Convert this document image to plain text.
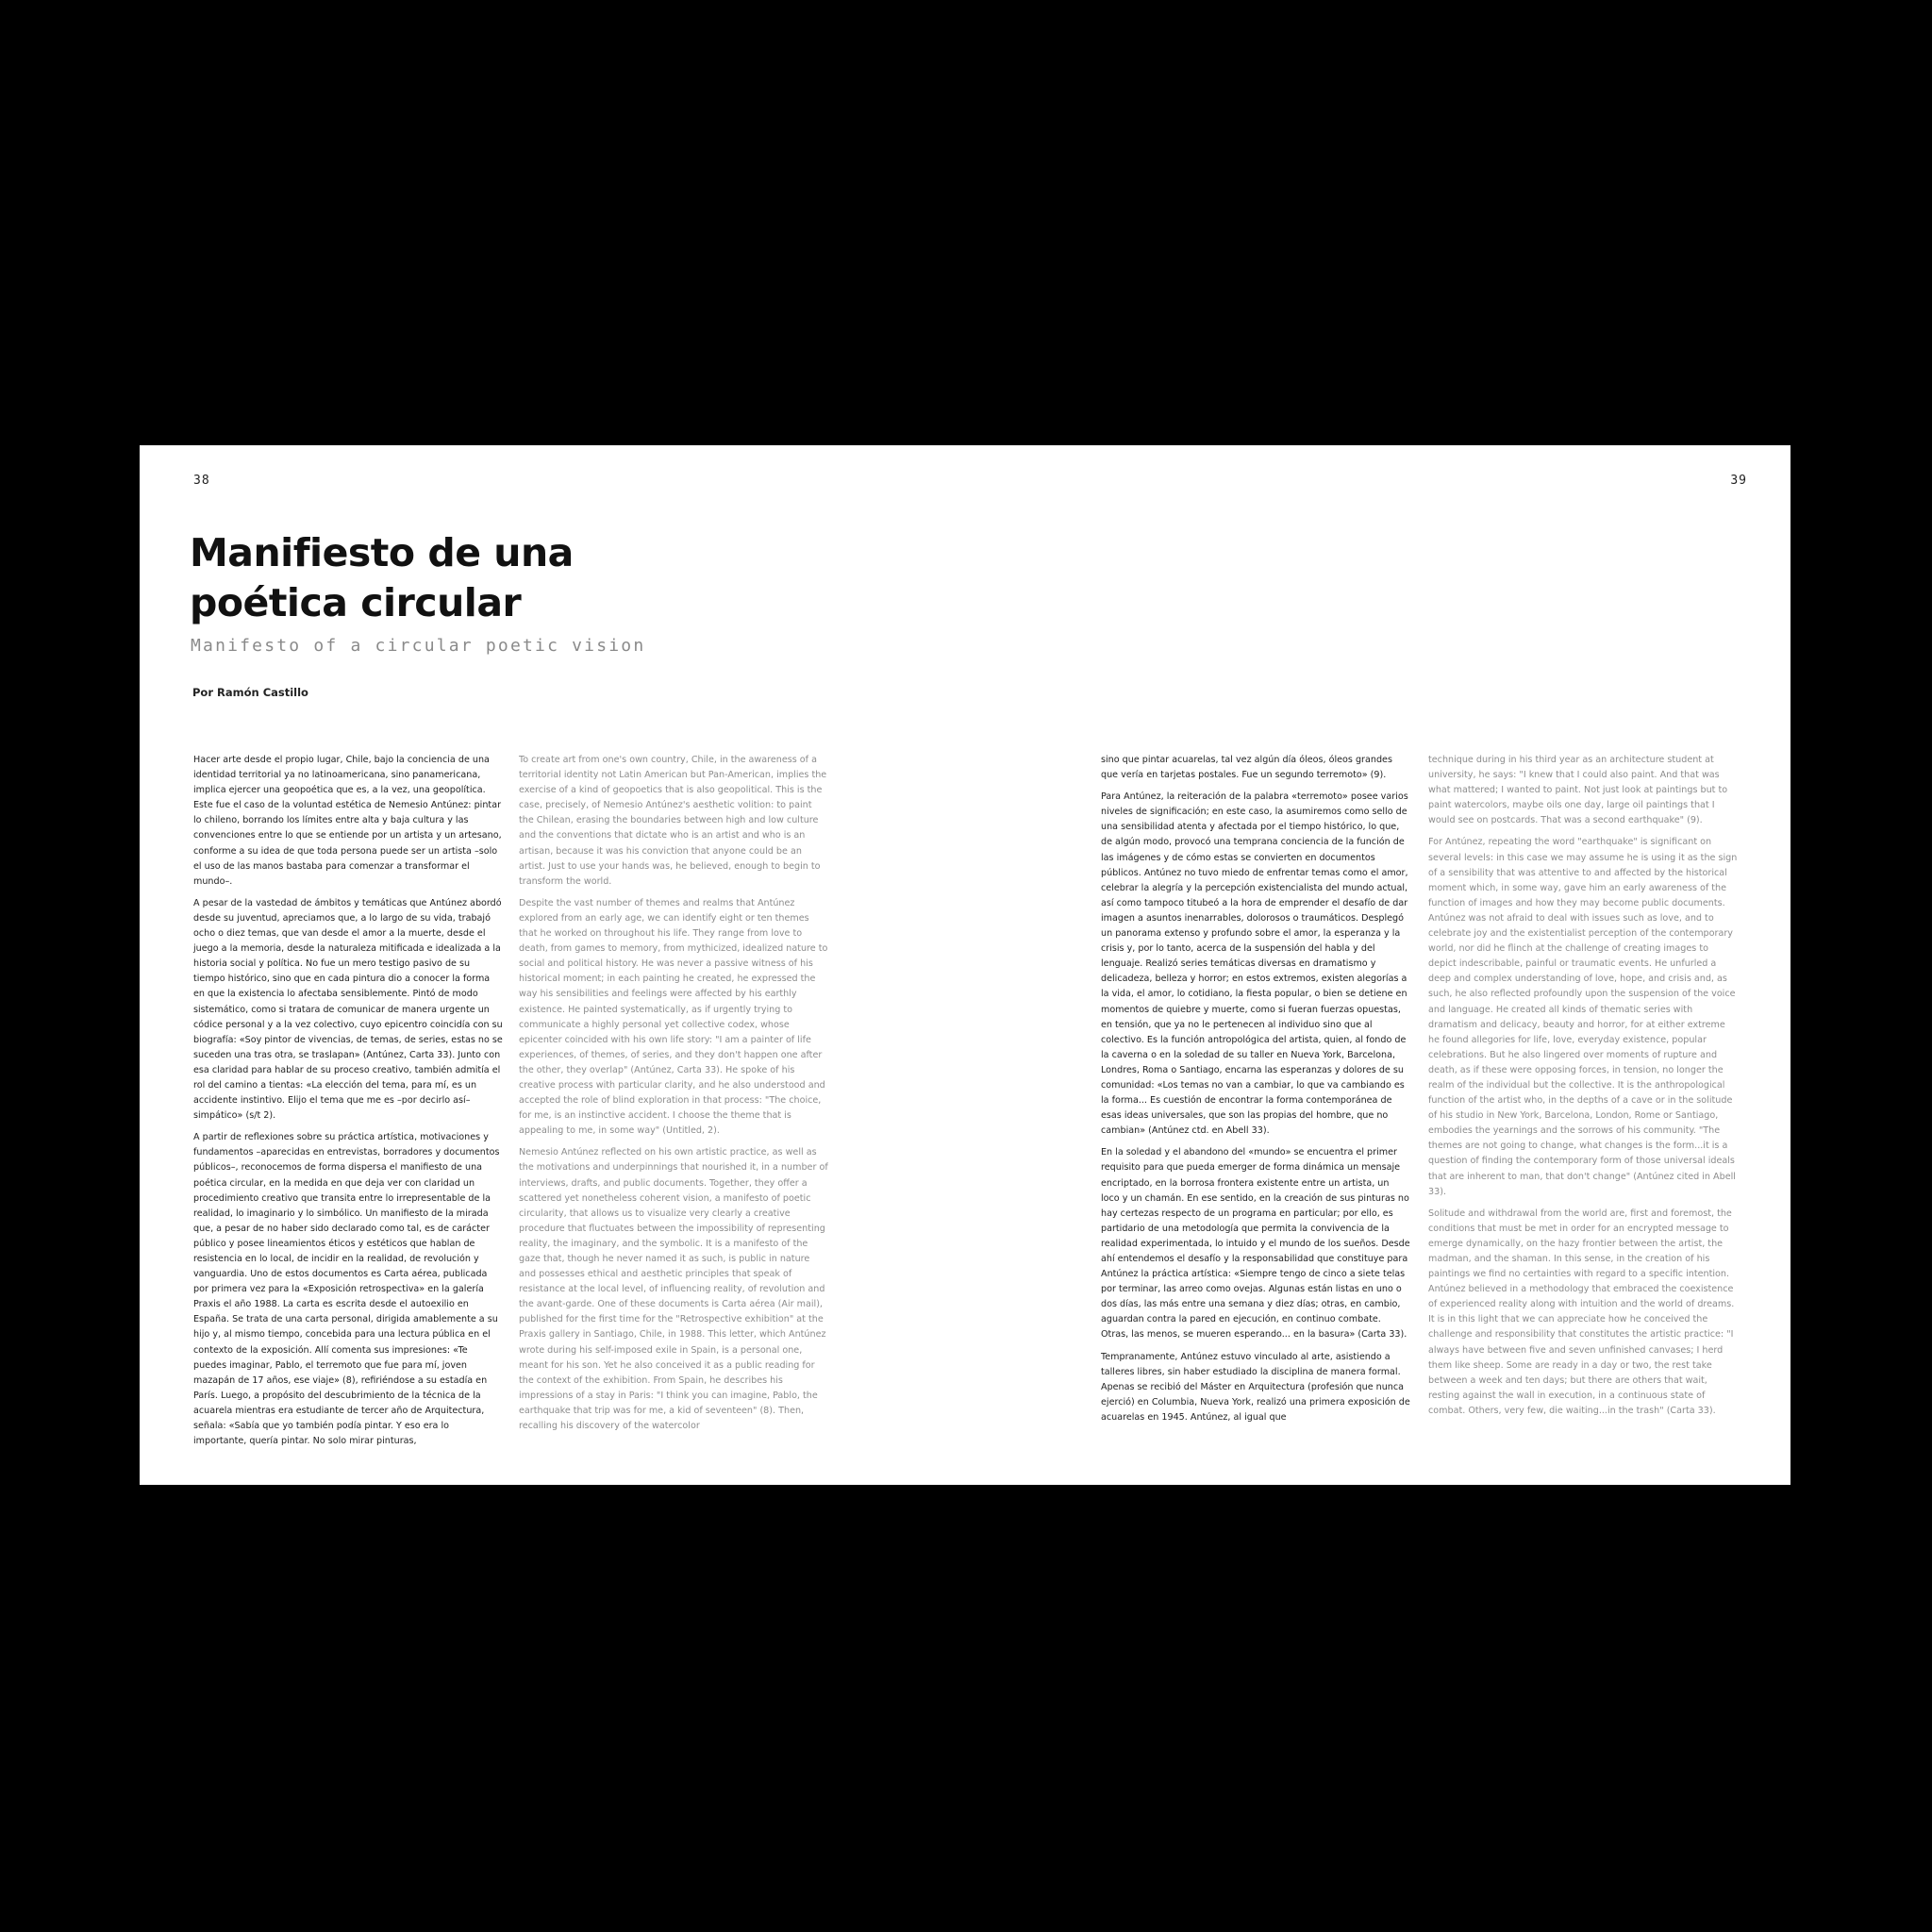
38	39
Manifiesto de una
poética circular
Manifesto of a circular poetic vision
Por Ramón Castillo

Hacer arte desde el propio lugar, Chile, bajo la conciencia de una identidad territorial ya no latinoamericana, sino panamericana, implica ejercer una geopoética que es, a la vez, una geopolítica. Este fue el caso de la voluntad estética de Nemesio Antúnez: pintar lo chileno, borrando los límites entre alta y baja cultura y las convenciones entre lo que se entiende por un artista y un artesano, conforme a su idea de que toda persona puede ser un artista –solo el uso de las manos bastaba para comenzar a transformar el mundo–.

A pesar de la vastedad de ámbitos y temáticas que Antúnez abordó desde su juventud, apreciamos que, a lo largo de su vida, trabajó ocho o diez temas, que van desde el amor a la muerte, desde el juego a la memoria, desde la naturaleza mitificada e idealizada a la historia social y política. No fue un mero testigo pasivo de su tiempo histórico, sino que en cada pintura dio a conocer la forma en que la existencia lo afectaba sensiblemente. Pintó de modo sistemático, como si tratara de comunicar de manera urgente un códice personal y a la vez colectivo, cuyo epicentro coincidía con su biografía: «Soy pintor de vivencias, de temas, de series, estas no se suceden una tras otra, se traslapan» (Antúnez, Carta 33). Junto con esa claridad para hablar de su proceso creativo, también admitía el rol del camino a tientas: «La elección del tema, para mí, es un accidente instintivo. Elijo el tema que me es –por decirlo así– simpático» (s/t 2).

A partir de reflexiones sobre su práctica artística, motivaciones y fundamentos –aparecidas en entrevistas, borradores y documentos públicos–, reconocemos de forma dispersa el manifiesto de una poética circular, en la medida en que deja ver con claridad un procedimiento creativo que transita entre lo irrepresentable de la realidad, lo imaginario y lo simbólico. Un manifiesto de la mirada que, a pesar de no haber sido declarado como tal, es de carácter público y posee lineamientos éticos y estéticos que hablan de resistencia en lo local, de incidir en la realidad, de revolución y vanguardia. Uno de estos documentos es Carta aérea, publicada por primera vez para la «Exposición retrospectiva» en la galería Praxis el año 1988. La carta es escrita desde el autoexilio en España. Se trata de una carta personal, dirigida amablemente a su hijo y, al mismo tiempo, concebida para una lectura pública en el contexto de la exposición. Allí comenta sus impresiones: «Te puedes imaginar, Pablo, el terremoto que fue para mí, joven mazapán de 17 años, ese viaje» (8), refiriéndose a su estadía en París. Luego, a propósito del descubrimiento de la técnica de la acuarela mientras era estudiante de tercer año de Arquitectura, señala: «Sabía que yo también podía pintar. Y eso era lo importante, quería pintar. No solo mirar pinturas,

To create art from one's own country, Chile, in the awareness of a territorial identity not Latin American but Pan-American, implies the exercise of a kind of geopoetics that is also geopolitical. This is the case, precisely, of Nemesio Antúnez's aesthetic volition: to paint the Chilean, erasing the boundaries between high and low culture and the conventions that dictate who is an artist and who is an artisan, because it was his conviction that anyone could be an artist. Just to use your hands was, he believed, enough to begin to transform the world.

Despite the vast number of themes and realms that Antúnez explored from an early age, we can identify eight or ten themes that he worked on throughout his life. They range from love to death, from games to memory, from mythicized, idealized nature to social and political history. He was never a passive witness of his historical moment; in each painting he created, he expressed the way his sensibilities and feelings were affected by his earthly existence. He painted systematically, as if urgently trying to communicate a highly personal yet collective codex, whose epicenter coincided with his own life story: "I am a painter of life experiences, of themes, of series, and they don't happen one after the other, they overlap" (Antúnez, Carta 33). He spoke of his creative process with particular clarity, and he also understood and accepted the role of blind exploration in that process: "The choice, for me, is an instinctive accident. I choose the theme that is appealing to me, in some way" (Untitled, 2).

Nemesio Antúnez reflected on his own artistic practice, as well as the motivations and underpinnings that nourished it, in a number of interviews, drafts, and public documents. Together, they offer a scattered yet nonetheless coherent vision, a manifesto of poetic circularity, that allows us to visualize very clearly a creative procedure that fluctuates between the impossibility of representing reality, the imaginary, and the symbolic. It is a manifesto of the gaze that, though he never named it as such, is public in nature and possesses ethical and aesthetic principles that speak of resistance at the local level, of influencing reality, of revolution and the avant-garde. One of these documents is Carta aérea (Air mail), published for the first time for the "Retrospective exhibition" at the Praxis gallery in Santiago, Chile, in 1988. This letter, which Antúnez wrote during his self-imposed exile in Spain, is a personal one, meant for his son. Yet he also conceived it as a public reading for the context of the exhibition. From Spain, he describes his impressions of a stay in Paris: "I think you can imagine, Pablo, the earthquake that trip was for me, a kid of seventeen" (8). Then, recalling his discovery of the watercolor

sino que pintar acuarelas, tal vez algún día óleos, óleos grandes que vería en tarjetas postales. Fue un segundo terremoto» (9).

Para Antúnez, la reiteración de la palabra «terremoto» posee varios niveles de significación; en este caso, la asumiremos como sello de una sensibilidad atenta y afectada por el tiempo histórico, lo que, de algún modo, provocó una temprana conciencia de la función de las imágenes y de cómo estas se convierten en documentos públicos. Antúnez no tuvo miedo de enfrentar temas como el amor, celebrar la alegría y la percepción existencialista del mundo actual, así como tampoco titubeó a la hora de emprender el desafío de dar imagen a asuntos inenarrables, dolorosos o traumáticos. Desplegó un panorama extenso y profundo sobre el amor, la esperanza y la crisis y, por lo tanto, acerca de la suspensión del habla y del lenguaje. Realizó series temáticas diversas en dramatismo y delicadeza, belleza y horror; en estos extremos, existen alegorías a la vida, el amor, lo cotidiano, la fiesta popular, o bien se detiene en momentos de quiebre y muerte, como si fueran fuerzas opuestas, en tensión, que ya no le pertenecen al individuo sino que al colectivo. Es la función antropológica del artista, quien, al fondo de la caverna o en la soledad de su taller en Nueva York, Barcelona, Londres, Roma o Santiago, encarna las esperanzas y dolores de su comunidad: «Los temas no van a cambiar, lo que va cambiando es la forma... Es cuestión de encontrar la forma contemporánea de esas ideas universales, que son las propias del hombre, que no cambian» (Antúnez ctd. en Abell 33).

En la soledad y el abandono del «mundo» se encuentra el primer requisito para que pueda emerger de forma dinámica un mensaje encriptado, en la borrosa frontera existente entre un artista, un loco y un chamán. En ese sentido, en la creación de sus pinturas no hay certezas respecto de un programa en particular; por ello, es partidario de una metodología que permita la convivencia de la realidad experimentada, lo intuido y el mundo de los sueños. Desde ahí entendemos el desafío y la responsabilidad que constituye para Antúnez la práctica artística: «Siempre tengo de cinco a siete telas por terminar, las arreo como ovejas. Algunas están listas en uno o dos días, las más entre una semana y diez días; otras, en cambio, aguardan contra la pared en ejecución, en continuo combate. Otras, las menos, se mueren esperando... en la basura» (Carta 33).

Tempranamente, Antúnez estuvo vinculado al arte, asistiendo a talleres libres, sin haber estudiado la disciplina de manera formal. Apenas se recibió del Máster en Arquitectura (profesión que nunca ejerció) en Columbia, Nueva York, realizó una primera exposición de acuarelas en 1945. Antúnez, al igual que

technique during in his third year as an architecture student at university, he says: "I knew that I could also paint. And that was what mattered; I wanted to paint. Not just look at paintings but to paint watercolors, maybe oils one day, large oil paintings that I would see on postcards. That was a second earthquake" (9).

For Antúnez, repeating the word "earthquake" is significant on several levels: in this case we may assume he is using it as the sign of a sensibility that was attentive to and affected by the historical moment which, in some way, gave him an early awareness of the function of images and how they may become public documents. Antúnez was not afraid to deal with issues such as love, and to celebrate joy and the existentialist perception of the contemporary world, nor did he flinch at the challenge of creating images to depict indescribable, painful or traumatic events. He unfurled a deep and complex understanding of love, hope, and crisis and, as such, he also reflected profoundly upon the suspension of the voice and language. He created all kinds of thematic series with dramatism and delicacy, beauty and horror, for at either extreme he found allegories for life, love, everyday existence, popular celebrations. But he also lingered over moments of rupture and death, as if these were opposing forces, in tension, no longer the realm of the individual but the collective. It is the anthropological function of the artist who, in the depths of a cave or in the solitude of his studio in New York, Barcelona, London, Rome or Santiago, embodies the yearnings and the sorrows of his community. "The themes are not going to change, what changes is the form...it is a question of finding the contemporary form of those universal ideals that are inherent to man, that don't change" (Antúnez cited in Abell 33).

Solitude and withdrawal from the world are, first and foremost, the conditions that must be met in order for an encrypted message to emerge dynamically, on the hazy frontier between the artist, the madman, and the shaman. In this sense, in the creation of his paintings we find no certainties with regard to a specific intention. Antúnez believed in a methodology that embraced the coexistence of experienced reality along with intuition and the world of dreams. It is in this light that we can appreciate how he conceived the challenge and responsibility that constitutes the artistic practice: "I always have between five and seven unfinished canvases; I herd them like sheep. Some are ready in a day or two, the rest take between a week and ten days; but there are others that wait, resting against the wall in execution, in a continuous state of combat. Others, very few, die waiting...in the trash" (Carta 33).
